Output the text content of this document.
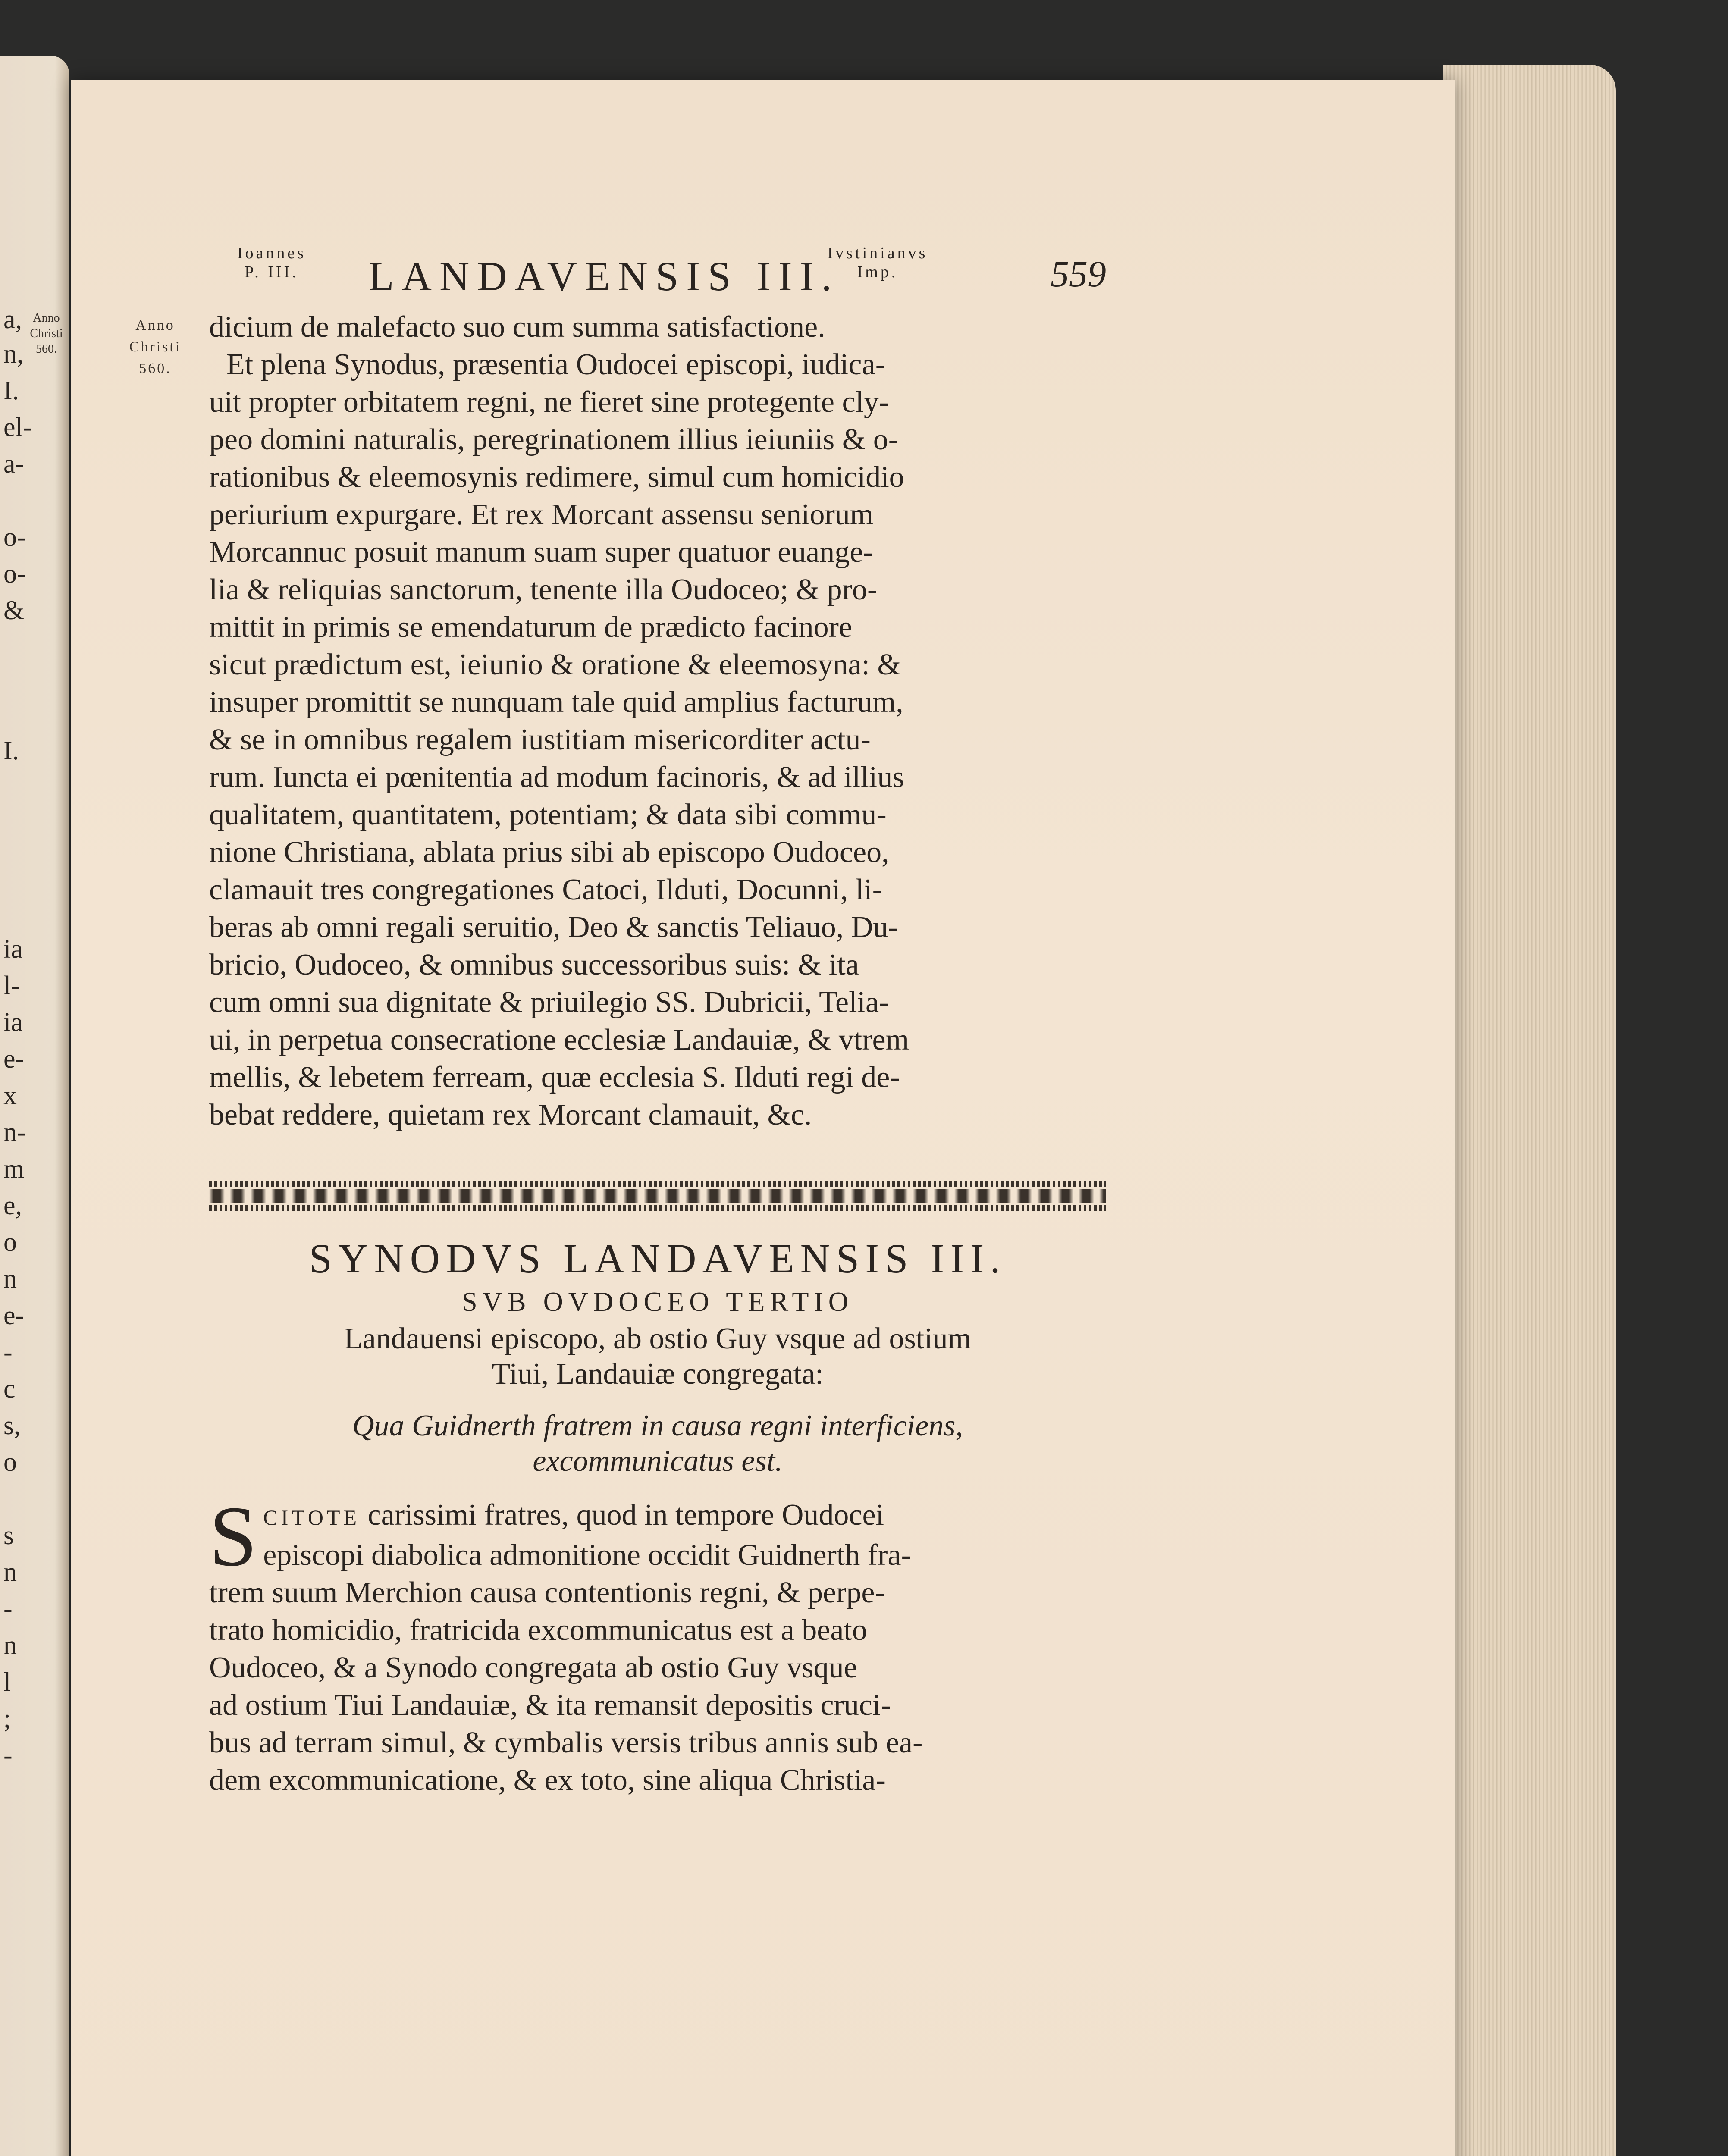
a,
n,
I.
el-
a-
o-
o-
&
I.
ia
l-
ia
e-
x
n-
m
e,
o
n
e-
-
c
s,
o
s
n
-
n
l
;
-
Anno
Christi
560.
Ioannes
P. III.	LANDAVENSIS III.
Ivstinianvs
Imp.	559
Anno
Christi
560.

dicium de malefacto suo cum summa satisfactione.

Et plena Synodus, præsentia Oudocei episcopi, iudica-

uit propter orbitatem regni, ne fieret sine protegente cly-

peo domini naturalis, peregrinationem illius ieiuniis & o-

rationibus & eleemosynis redimere, simul cum homicidio

periurium expurgare. Et rex Morcant assensu seniorum

Morcannuc posuit manum suam super quatuor euange-

lia & reliquias sanctorum, tenente illa Oudoceo; & pro-

mittit in primis se emendaturum de prædicto facinore

sicut prædictum est, ieiunio & oratione & eleemosyna: &

insuper promittit se nunquam tale quid amplius facturum,

& se in omnibus regalem iustitiam misericorditer actu-

rum. Iuncta ei pœnitentia ad modum facinoris, & ad illius

qualitatem, quantitatem, potentiam; & data sibi commu-

nione Christiana, ablata prius sibi ab episcopo Oudoceo,

clamauit tres congregationes Catoci, Ilduti, Docunni, li-

beras ab omni regali seruitio, Deo & sanctis Teliauo, Du-

bricio, Oudoceo, & omnibus successoribus suis: & ita

cum omni sua dignitate & priuilegio SS. Dubricii, Telia-

ui, in perpetua consecratione ecclesiæ Landauiæ, & vtrem

mellis, & lebetem ferream, quæ ecclesia S. Ilduti regi de-

bebat reddere, quietam rex Morcant clamauit, &c.

SYNODVS LANDAVENSIS III.
SVB OVDOCEO TERTIO
Landauensi episcopo, ab ostio Guy vsque ad ostium
Tiui, Landauiæ congregata:
Qua Guidnerth fratrem in causa regni interficiens,
excommunicatus est.
S CITOTE carissimi fratres, quod in tempore Oudocei
episcopi diabolica admonitione occidit Guidnerth fra-
trem suum Merchion causa contentionis regni, & perpe-
trato homicidio, fratricida excommunicatus est a beato
Oudoceo, & a Synodo congregata ab ostio Guy vsque
ad ostium Tiui Landauiæ, & ita remansit depositis cruci-
bus ad terram simul, & cymbalis versis tribus annis sub ea-
dem excommunicatione, & ex toto, sine aliqua Christia-
